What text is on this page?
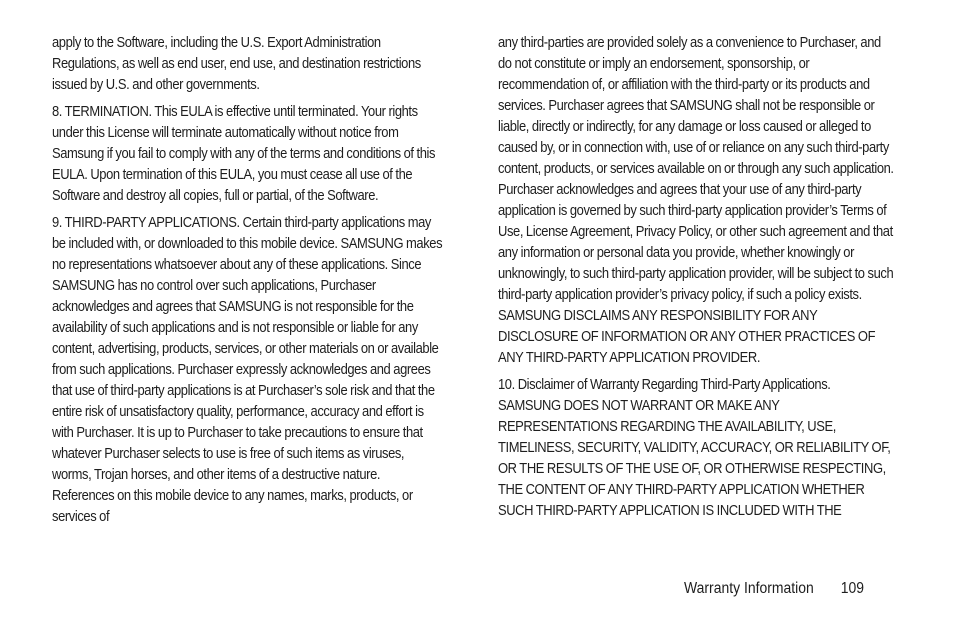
apply to the Software, including the U.S. Export Administration Regulations, as well as end user, end use, and destination restrictions issued by U.S. and other governments.

8. TERMINATION. This EULA is effective until terminated. Your rights under this License will terminate automatically without notice from Samsung if you fail to comply with any of the terms and conditions of this EULA. Upon termination of this EULA, you must cease all use of the Software and destroy all copies, full or partial, of the Software.

9. THIRD-PARTY APPLICATIONS. Certain third-party applications may be included with, or downloaded to this mobile device. SAMSUNG makes no representations whatsoever about any of these applications. Since SAMSUNG has no control over such applications, Purchaser acknowledges and agrees that SAMSUNG is not responsible for the availability of such applications and is not responsible or liable for any content, advertising, products, services, or other materials on or available from such applications. Purchaser expressly acknowledges and agrees that use of third-party applications is at Purchaser’s sole risk and that the entire risk of unsatisfactory quality, performance, accuracy and effort is with Purchaser. It is up to Purchaser to take precautions to ensure that whatever Purchaser selects to use is free of such items as viruses, worms, Trojan horses, and other items of a destructive nature. References on this mobile device to any names, marks, products, or services of

any third-parties are provided solely as a convenience to Purchaser, and do not constitute or imply an endorsement, sponsorship, or recommendation of, or affiliation with the third-party or its products and services. Purchaser agrees that SAMSUNG shall not be responsible or liable, directly or indirectly, for any damage or loss caused or alleged to caused by, or in connection with, use of or reliance on any such third-party content, products, or services available on or through any such application. Purchaser acknowledges and agrees that your use of any third-party application is governed by such third-party application provider’s Terms of Use, License Agreement, Privacy Policy, or other such agreement and that any information or personal data you provide, whether knowingly or unknowingly, to such third-party application provider, will be subject to such third-party application provider’s privacy policy, if such a policy exists. SAMSUNG DISCLAIMS ANY RESPONSIBILITY FOR ANY DISCLOSURE OF INFORMATION OR ANY OTHER PRACTICES OF ANY THIRD-PARTY APPLICATION PROVIDER.

10. Disclaimer of Warranty Regarding Third-Party Applications. SAMSUNG DOES NOT WARRANT OR MAKE ANY REPRESENTATIONS REGARDING THE AVAILABILITY, USE, TIMELINESS, SECURITY, VALIDITY, ACCURACY, OR RELIABILITY OF, OR THE RESULTS OF THE USE OF, OR OTHERWISE RESPECTING, THE CONTENT OF ANY THIRD-PARTY APPLICATION WHETHER SUCH THIRD-PARTY APPLICATION IS INCLUDED WITH THE

Warranty Information 109
